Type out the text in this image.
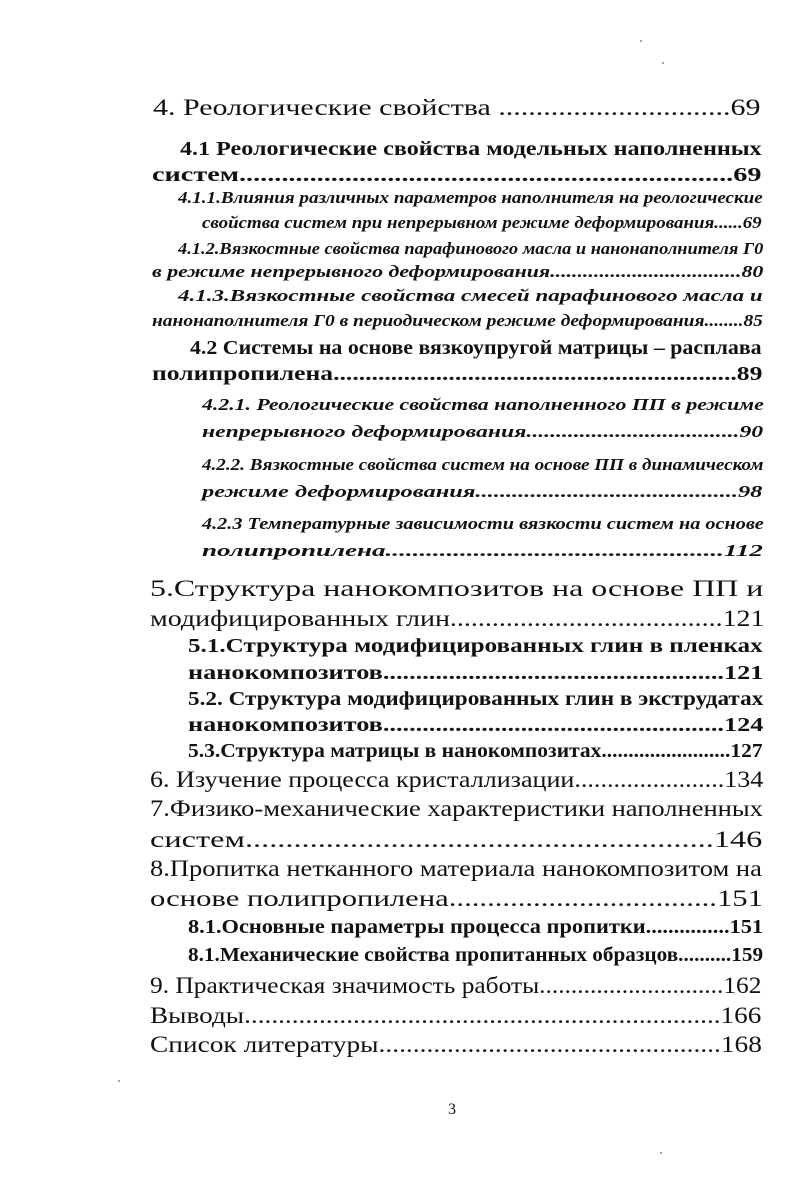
4. Реологические свойства ...............................69

4.1 Реологические свойства модельных наполненных

систем......................................................................69

4.1.1.Влияния различных параметров наполнителя на реологические

свойства систем при непрерывном режиме деформирования......69

4.1.2.Вязкостные свойства парафинового масла и нанонаполнителя Г0

в режиме непрерывного деформирования...................................80

4.1.3.Вязкостные свойства смесей парафинового масла и

нанонаполнителя Г0 в периодическом режиме деформирования........85

4.2 Системы на основе вязкоупругой матрицы – расплава

полипропилена...............................................................89

4.2.1. Реологические свойства наполненного ПП в режиме

непрерывного деформирования....................................90

4.2.2. Вязкостные свойства систем на основе ПП в динамическом

режиме деформирования...........................................98

4.2.3 Температурные зависимости вязкости систем на основе

полипропилена..................................................112

5.Структура нанокомпозитов на основе ПП и

модифицированных глин.......................................121

5.1.Структура модифицированных глин в пленках

нанокомпозитов....................................................121

5.2. Структура модифицированных глин в экструдатах

нанокомпозитов....................................................124

5.3.Структура матрицы в нанокомпозитах........................127

6. Изучение процесса кристаллизации.......................134

7.Физико-механические характеристики наполненных

систем..........................................................146

8.Пропитка нетканного материала нанокомпозитом на

основе полипропилена...................................151

8.1.Основные параметры процесса пропитки...............151

8.1.Механические свойства пропитанных образцов..........159

9. Практическая значимость работы.............................162

Выводы......................................................................166

Список литературы..................................................168

3
